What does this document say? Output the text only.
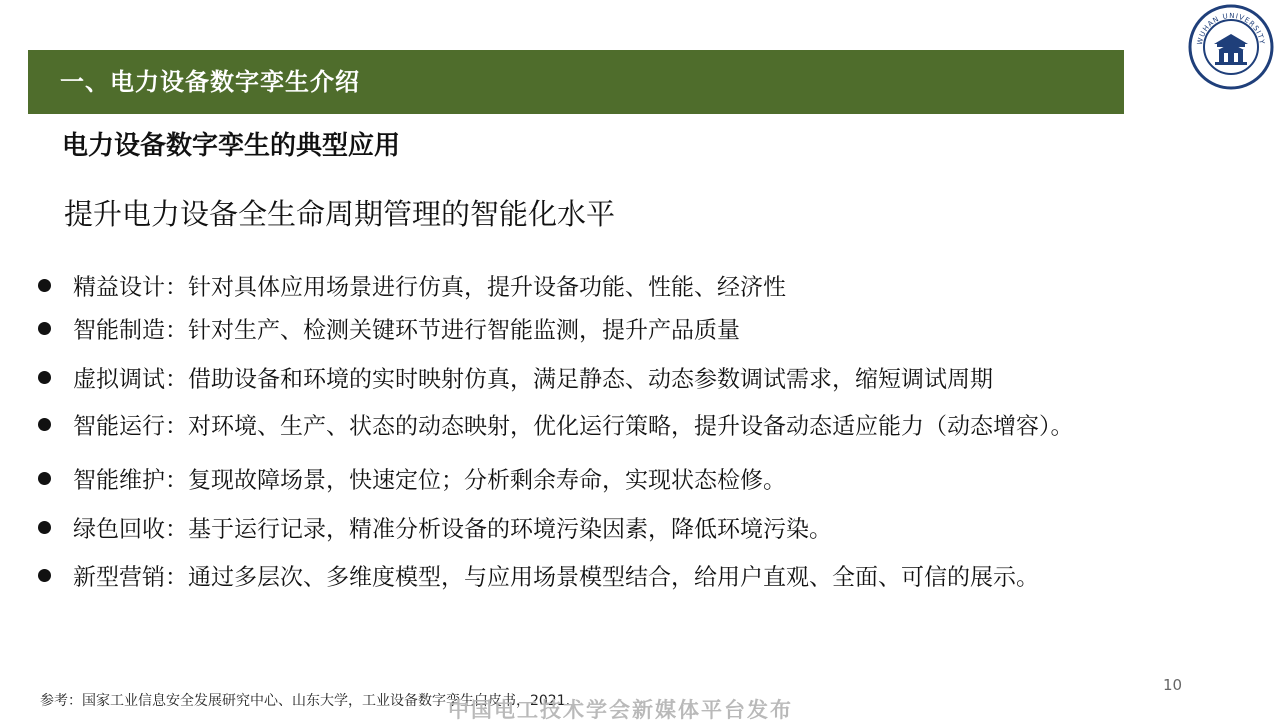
一、电力设备数字孪生介绍
WUHAN UNIVERSITY
电力设备数字孪生的典型应用
提升电力设备全生命周期管理的智能化水平
精益设计：针对具体应用场景进行仿真，提升设备功能、性能、经济性
智能制造：针对生产、检测关键环节进行智能监测，提升产品质量
虚拟调试：借助设备和环境的实时映射仿真，满足静态、动态参数调试需求，缩短调试周期
智能运行：对环境、生产、状态的动态映射，优化运行策略，提升设备动态适应能力（动态增容）。
智能维护：复现故障场景，快速定位；分析剩余寿命，实现状态检修。
绿色回收：基于运行记录，精准分析设备的环境污染因素，降低环境污染。
新型营销：通过多层次、多维度模型，与应用场景模型结合，给用户直观、全面、可信的展示。
10
参考：国家工业信息安全发展研究中心、山东大学，工业设备数字孪生白皮书，2021.
中国电工技术学会新媒体平台发布
